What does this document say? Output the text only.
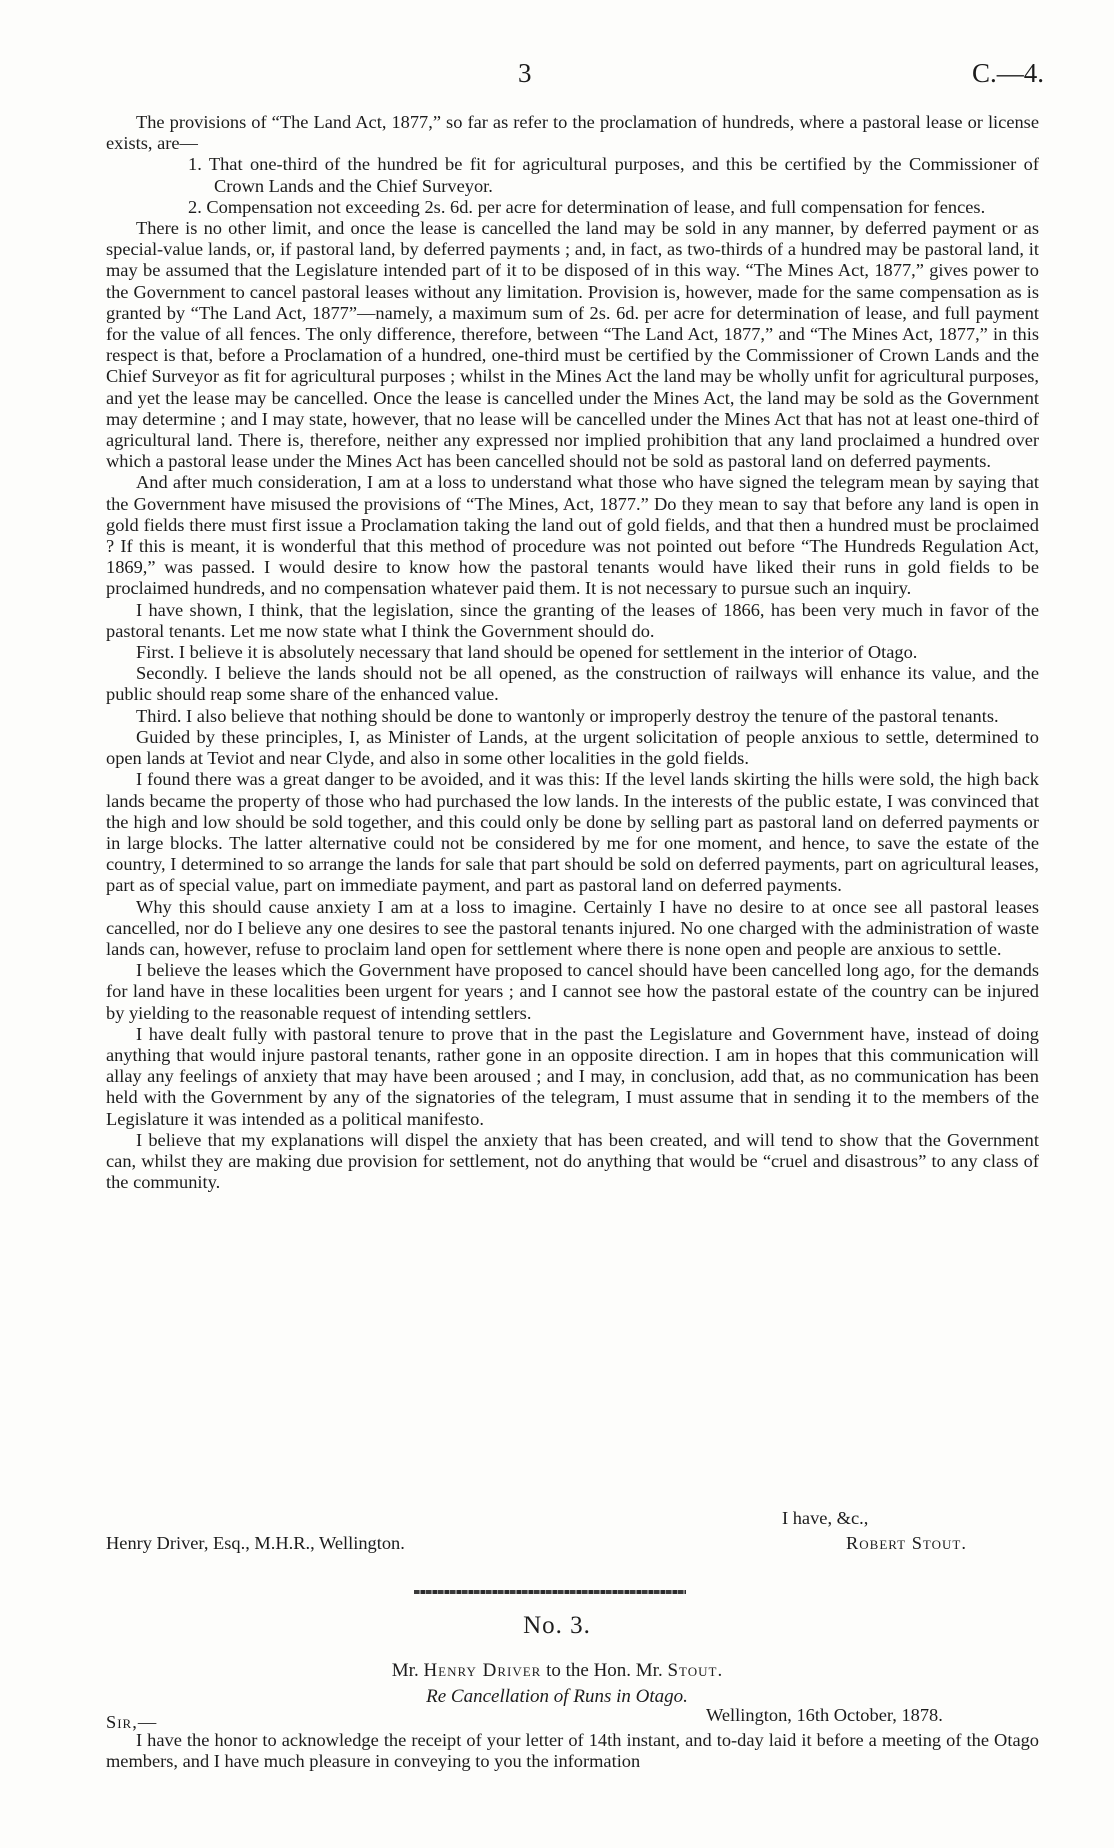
3	C.—4.

The provisions of “The Land Act, 1877,” so far as refer to the proclamation of hundreds, where a pastoral lease or license exists, are—

1. That one-third of the hundred be fit for agricultural purposes, and this be certified by the Commissioner of Crown Lands and the Chief Surveyor.
2. Compensation not exceeding 2s. 6d. per acre for determination of lease, and full compensation for fences.

There is no other limit, and once the lease is cancelled the land may be sold in any manner, by deferred payment or as special-value lands, or, if pastoral land, by deferred payments ; and, in fact, as two-thirds of a hundred may be pastoral land, it may be assumed that the Legislature intended part of it to be disposed of in this way. “The Mines Act, 1877,” gives power to the Government to cancel pastoral leases without any limitation. Provision is, however, made for the same compensation as is granted by “The Land Act, 1877”—namely, a maximum sum of 2s. 6d. per acre for determination of lease, and full payment for the value of all fences. The only difference, therefore, between “The Land Act, 1877,” and “The Mines Act, 1877,” in this respect is that, before a Proclamation of a hundred, one-third must be certified by the Commissioner of Crown Lands and the Chief Surveyor as fit for agricultural purposes ; whilst in the Mines Act the land may be wholly unfit for agricultural purposes, and yet the lease may be cancelled. Once the lease is cancelled under the Mines Act, the land may be sold as the Government may determine ; and I may state, however, that no lease will be cancelled under the Mines Act that has not at least one-third of agricultural land. There is, therefore, neither any expressed nor implied prohibition that any land proclaimed a hundred over which a pastoral lease under the Mines Act has been cancelled should not be sold as pastoral land on deferred payments.

And after much consideration, I am at a loss to understand what those who have signed the telegram mean by saying that the Government have misused the provisions of “The Mines, Act, 1877.” Do they mean to say that before any land is open in gold fields there must first issue a Proclamation taking the land out of gold fields, and that then a hundred must be proclaimed ? If this is meant, it is wonderful that this method of procedure was not pointed out before “The Hundreds Regulation Act, 1869,” was passed. I would desire to know how the pastoral tenants would have liked their runs in gold fields to be proclaimed hundreds, and no compensation whatever paid them. It is not necessary to pursue such an inquiry.

I have shown, I think, that the legislation, since the granting of the leases of 1866, has been very much in favor of the pastoral tenants. Let me now state what I think the Government should do.

First. I believe it is absolutely necessary that land should be opened for settlement in the interior of Otago.

Secondly. I believe the lands should not be all opened, as the construction of railways will enhance its value, and the public should reap some share of the enhanced value.

Third. I also believe that nothing should be done to wantonly or improperly destroy the tenure of the pastoral tenants.

Guided by these principles, I, as Minister of Lands, at the urgent solicitation of people anxious to settle, determined to open lands at Teviot and near Clyde, and also in some other localities in the gold fields.

I found there was a great danger to be avoided, and it was this: If the level lands skirting the hills were sold, the high back lands became the property of those who had purchased the low lands. In the interests of the public estate, I was convinced that the high and low should be sold together, and this could only be done by selling part as pastoral land on deferred payments or in large blocks. The latter alternative could not be considered by me for one moment, and hence, to save the estate of the country, I determined to so arrange the lands for sale that part should be sold on deferred payments, part on agricultural leases, part as of special value, part on immediate payment, and part as pastoral land on deferred payments.

Why this should cause anxiety I am at a loss to imagine. Certainly I have no desire to at once see all pastoral leases cancelled, nor do I believe any one desires to see the pastoral tenants injured. No one charged with the administration of waste lands can, however, refuse to proclaim land open for settlement where there is none open and people are anxious to settle.

I believe the leases which the Government have proposed to cancel should have been cancelled long ago, for the demands for land have in these localities been urgent for years ; and I cannot see how the pastoral estate of the country can be injured by yielding to the reasonable request of intending settlers.

I have dealt fully with pastoral tenure to prove that in the past the Legislature and Government have, instead of doing anything that would injure pastoral tenants, rather gone in an opposite direction. I am in hopes that this communication will allay any feelings of anxiety that may have been aroused ; and I may, in conclusion, add that, as no communication has been held with the Government by any of the signatories of the telegram, I must assume that in sending it to the members of the Legislature it was intended as a political manifesto.

I believe that my explanations will dispel the anxiety that has been created, and will tend to show that the Government can, whilst they are making due provision for settlement, not do anything that would be “cruel and disastrous” to any class of the community.

I have, &c.,
Henry Driver, Esq., M.H.R., Wellington.	Robert Stout.
No. 3.
Mr. Henry Driver to the Hon. Mr. Stout.
Re Cancellation of Runs in Otago.
Sir,—	Wellington, 16th October, 1878.

I have the honor to acknowledge the receipt of your letter of 14th instant, and to-day laid it before a meeting of the Otago members, and I have much pleasure in conveying to you the information
